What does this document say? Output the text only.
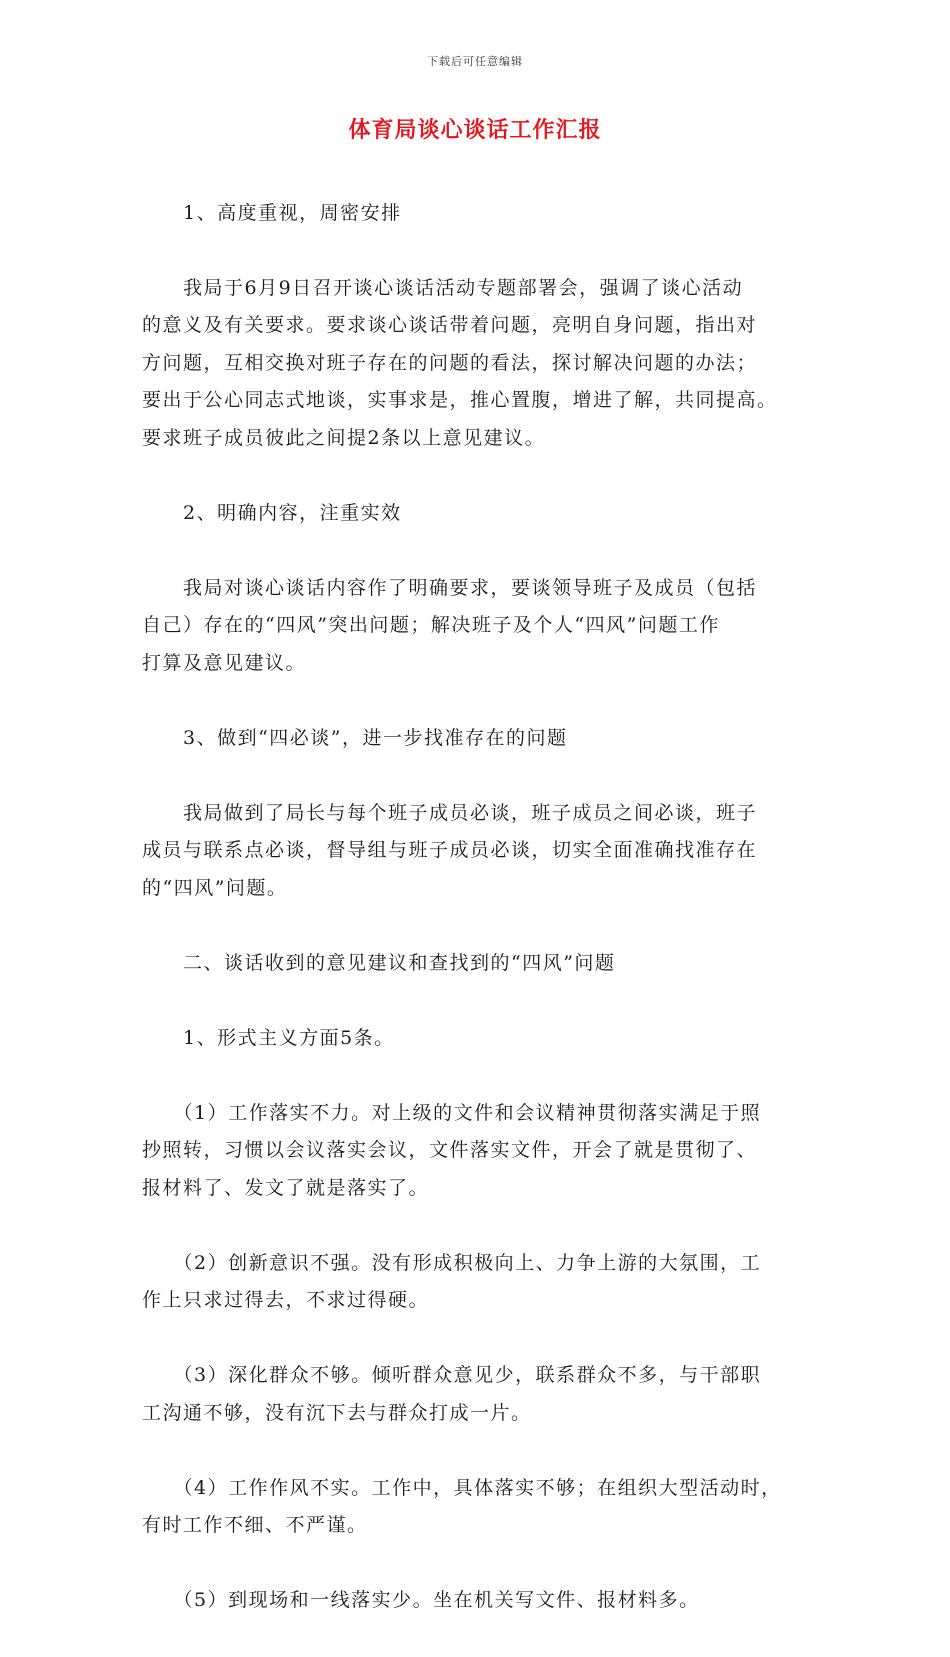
下载后可任意编辑
体育局谈心谈话工作汇报

　　1、高度重视，周密安排

　　我局于6月9日召开谈心谈话活动专题部署会，强调了谈心活动
的意义及有关要求。要求谈心谈话带着问题，亮明自身问题，指出对
方问题，互相交换对班子存在的问题的看法，探讨解决问题的办法；
要出于公心同志式地谈，实事求是，推心置腹，增进了解，共同提高。
要求班子成员彼此之间提2条以上意见建议。

　　2、明确内容，注重实效

　　我局对谈心谈话内容作了明确要求，要谈领导班子及成员（包括
自己）存在的“四风”突出问题；解决班子及个人“四风”问题工作
打算及意见建议。

　　3、做到“四必谈”，进一步找准存在的问题

　　我局做到了局长与每个班子成员必谈，班子成员之间必谈，班子
成员与联系点必谈，督导组与班子成员必谈，切实全面准确找准存在
的“四风”问题。

　　二、谈话收到的意见建议和查找到的“四风”问题

　　1、形式主义方面5条。

　　（1）工作落实不力。对上级的文件和会议精神贯彻落实满足于照
抄照转，习惯以会议落实会议，文件落实文件，开会了就是贯彻了、
报材料了、发文了就是落实了。

　　（2）创新意识不强。没有形成积极向上、力争上游的大氛围，工
作上只求过得去，不求过得硬。

　　（3）深化群众不够。倾听群众意见少，联系群众不多，与干部职
工沟通不够，没有沉下去与群众打成一片。

　　（4）工作作风不实。工作中，具体落实不够；在组织大型活动时，
有时工作不细、不严谨。

　　（5）到现场和一线落实少。坐在机关写文件、报材料多。
